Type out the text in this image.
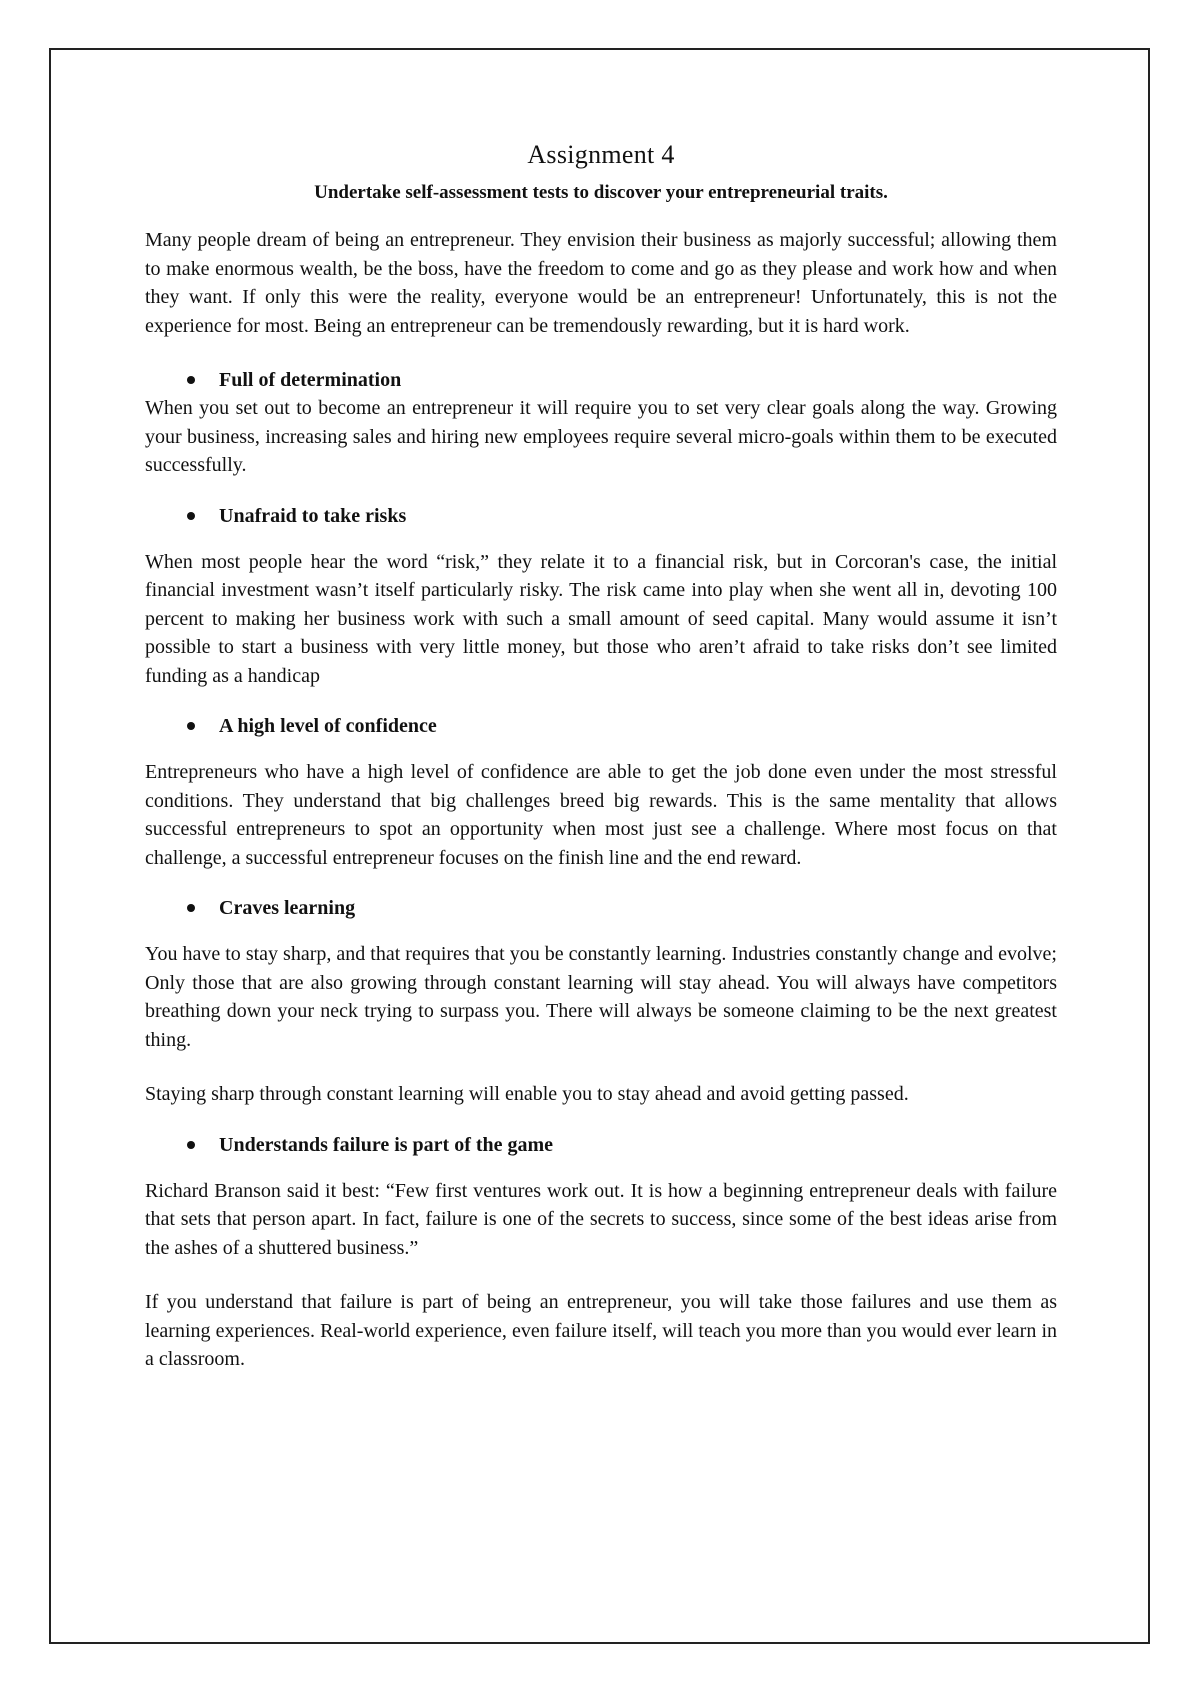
Assignment 4
Undertake self-assessment tests to discover your entrepreneurial traits.

Many people dream of being an entrepreneur. They envision their business as majorly successful; allowing them to make enormous wealth, be the boss, have the freedom to come and go as they please and work how and when they want. If only this were the reality, everyone would be an entrepreneur! Unfortunately, this is not the experience for most. Being an entrepreneur can be tremendously rewarding, but it is hard work.

Full of determination

When you set out to become an entrepreneur it will require you to set very clear goals along the way. Growing your business, increasing sales and hiring new employees require several micro-goals within them to be executed successfully.

Unafraid to take risks

When most people hear the word “risk,” they relate it to a financial risk, but in Corcoran's case, the initial financial investment wasn’t itself particularly risky. The risk came into play when she went all in, devoting 100 percent to making her business work with such a small amount of seed capital. Many would assume it isn’t possible to start a business with very little money, but those who aren’t afraid to take risks don’t see limited funding as a handicap

A high level of confidence

Entrepreneurs who have a high level of confidence are able to get the job done even under the most stressful conditions. They understand that big challenges breed big rewards. This is the same mentality that allows successful entrepreneurs to spot an opportunity when most just see a challenge. Where most focus on that challenge, a successful entrepreneur focuses on the finish line and the end reward.

Craves learning

You have to stay sharp, and that requires that you be constantly learning. Industries constantly change and evolve; Only those that are also growing through constant learning will stay ahead. You will always have competitors breathing down your neck trying to surpass you. There will always be someone claiming to be the next greatest thing.

Staying sharp through constant learning will enable you to stay ahead and avoid getting passed.

Understands failure is part of the game

Richard Branson said it best: “Few first ventures work out. It is how a beginning entrepreneur deals with failure that sets that person apart. In fact, failure is one of the secrets to success, since some of the best ideas arise from the ashes of a shuttered business.”

If you understand that failure is part of being an entrepreneur, you will take those failures and use them as learning experiences. Real-world experience, even failure itself, will teach you more than you would ever learn in a classroom.
